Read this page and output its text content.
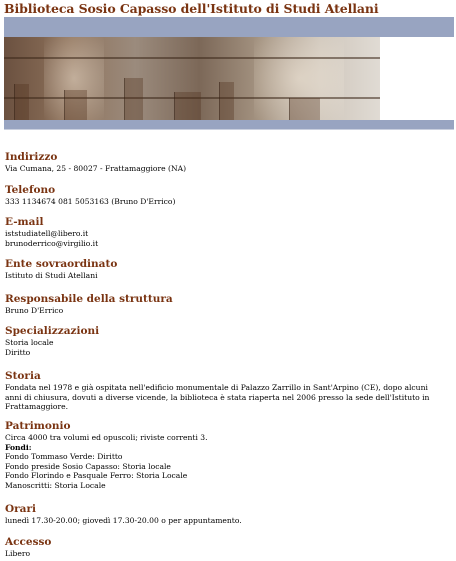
Biblioteca Sosio Capasso dell'Istituto di Studi Atellani
Indirizzo
Via Cumana, 25 - 80027 - Frattamaggiore (NA)
Telefono
333 1134674 081 5053163 (Bruno D'Errico)
E-mail
iststudiatell@libero.it
brunoderrico@virgilio.it
Ente sovraordinato
Istituto di Studi Atellani
Responsabile della struttura
Bruno D'Errico
Specializzazioni
Storia locale
Diritto
Storia
Fondata nel 1978 e già ospitata nell'edificio monumentale di Palazzo Zarrillo in Sant'Arpino (CE), dopo alcuni anni di chiusura, dovuti a diverse vicende, la biblioteca è stata riaperta nel 2006 presso la sede dell'Istituto in Frattamaggiore.
Patrimonio
Circa 4000 tra volumi ed opuscoli; riviste correnti 3.
Fondi:
Fondo Tommaso Verde: Diritto
Fondo preside Sosio Capasso: Storia locale
Fondo Florindo e Pasquale Ferro: Storia Locale
Manoscritti: Storia Locale
Orari
lunedì 17.30-20.00; giovedì 17.30-20.00 o per appuntamento.
Accesso
Libero
